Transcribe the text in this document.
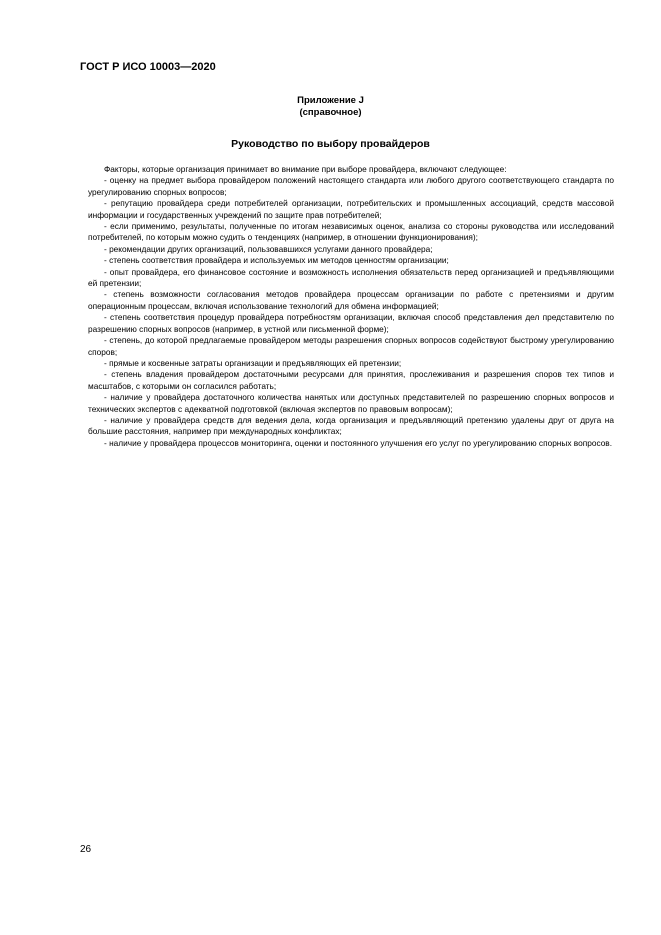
ГОСТ Р ИСО 10003—2020
Приложение J
(справочное)
Руководство по выбору провайдеров

Факторы, которые организация принимает во внимание при выборе провайдера, включают следующее:

- оценку на предмет выбора провайдером положений настоящего стандарта или любого другого соответствующего стандарта по урегулированию спорных вопросов;

- репутацию провайдера среди потребителей организации, потребительских и промышленных ассоциаций, средств массовой информации и государственных учреждений по защите прав потребителей;

- если применимо, результаты, полученные по итогам независимых оценок, анализа со стороны руководства или исследований потребителей, по которым можно судить о тенденциях (например, в отношении функционирования);

- рекомендации других организаций, пользовавшихся услугами данного провайдера;

- степень соответствия провайдера и используемых им методов ценностям организации;

- опыт провайдера, его финансовое состояние и возможность исполнения обязательств перед организацией и предъявляющими ей претензии;

- степень возможности согласования методов провайдера процессам организации по работе с претензиями и другим операционным процессам, включая использование технологий для обмена информацией;

- степень соответствия процедур провайдера потребностям организации, включая способ представления дел представителю по разрешению спорных вопросов (например, в устной или письменной форме);

- степень, до которой предлагаемые провайдером методы разрешения спорных вопросов содействуют быстрому урегулированию споров;

- прямые и косвенные затраты организации и предъявляющих ей претензии;

- степень владения провайдером достаточными ресурсами для принятия, прослеживания и разрешения споров тех типов и масштабов, с которыми он согласился работать;

- наличие у провайдера достаточного количества нанятых или доступных представителей по разрешению спорных вопросов и технических экспертов с адекватной подготовкой (включая экспертов по правовым вопросам);

- наличие у провайдера средств для ведения дела, когда организация и предъявляющий претензию удалены друг от друга на большие расстояния, например при международных конфликтах;

- наличие у провайдера процессов мониторинга, оценки и постоянного улучшения его услуг по урегулированию спорных вопросов.

26
